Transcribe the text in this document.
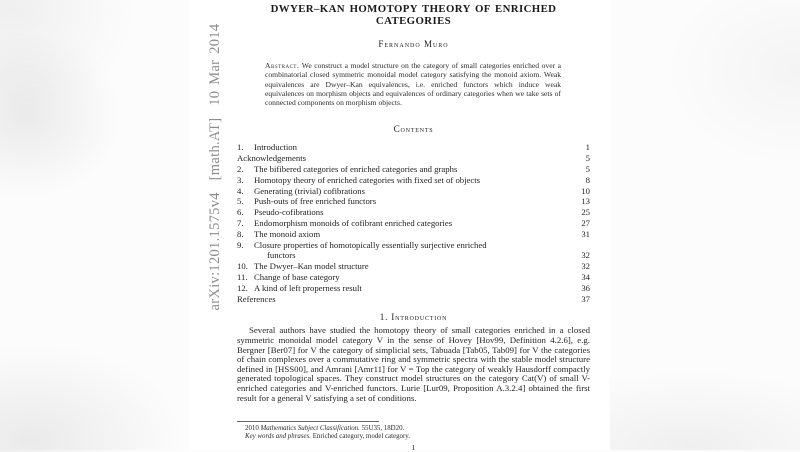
DWYER–KAN HOMOTOPY THEORY OF ENRICHED
CATEGORIES
Fernando Muro

Abstract. We construct a model structure on the category of small categories enriched over a combinatorial closed symmetric monoidal model category satisfying the monoid axiom. Weak equivalences are Dwyer–Kan equivalences, i.e. enriched functors which induce weak equivalences on morphism objects and equivalences of ordinary categories when we take sets of connected components on morphism objects.

Contents
1.	Introduction	1
Acknowledgements	5
2.	The bifibered categories of enriched categories and graphs	5
3.	Homotopy theory of enriched categories with fixed set of objects	8
4.	Generating (trivial) cofibrations	10
5.	Push-outs of free enriched functors	13
6.	Pseudo-cofibrations	25
7.	Endomorphism monoids of cofibrant enriched categories	27
8.	The monoid axiom	31
9.	Closure properties of homotopically essentially surjective enriched
functors	32
10. The Dwyer–Kan model structure	32
11. Change of base category	34
12. A kind of left properness result	36
References	37
1. Introduction

Several authors have studied the homotopy theory of small categories enriched in a closed symmetric monoidal model category V in the sense of Hovey [Hov99, Definition 4.2.6], e.g. Bergner [Ber07] for V the category of simplicial sets, Tabuada [Tab05, Tab09] for V the categories of chain complexes over a commutative ring and symmetric spectra with the stable model structure defined in [HSS00], and Amrani [Amr11] for V = Top the category of weakly Hausdorff compactly generated topological spaces. They construct model structures on the category Cat(V) of small V-enriched categories and V-enriched functors. Lurie [Lur09, Proposition A.3.2.4] obtained the first result for a general V satisfying a set of conditions.

2010 Mathematics Subject Classification. 55U35, 18D20.
Key words and phrases. Enriched category, model category.
1
arXiv:1201.1575v4  [math.AT]  10 Mar 2014
